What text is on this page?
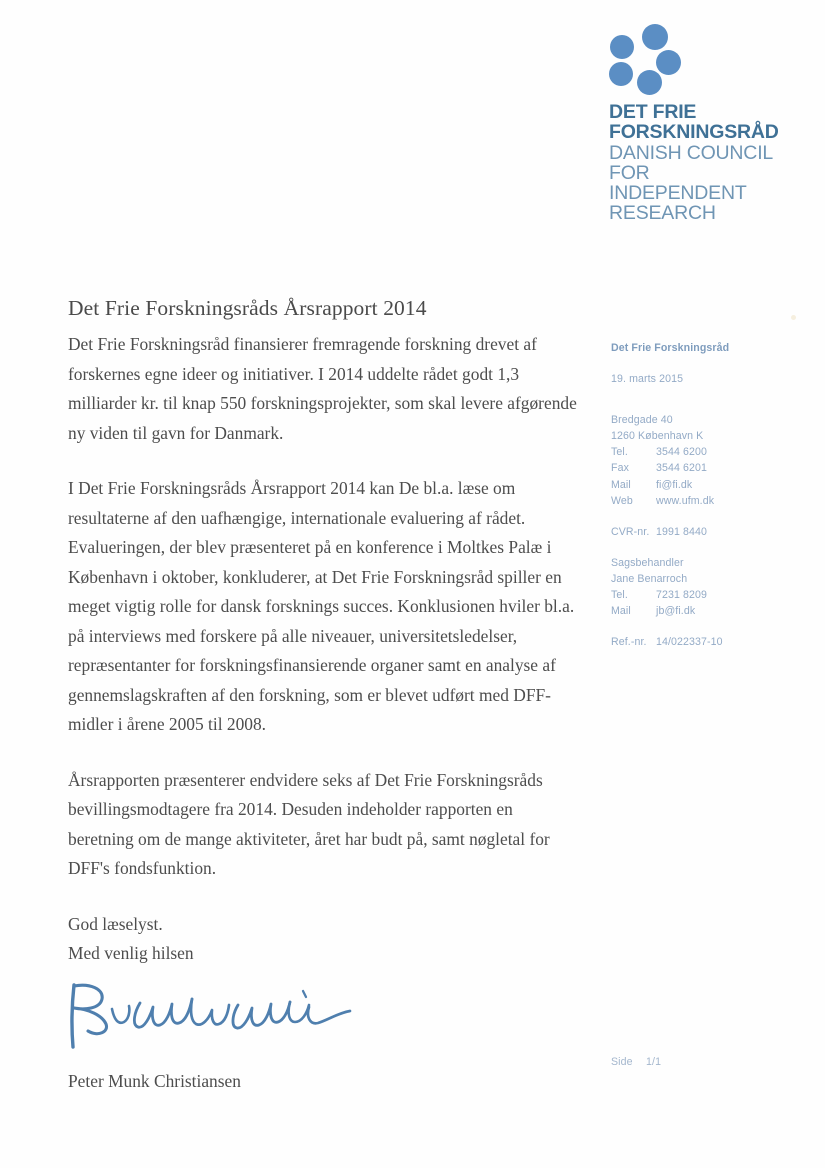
DET FRIE
FORSKNINGSRÅD
DANISH COUNCIL
FOR INDEPENDENT
RESEARCH
Det Frie Forskningsråds Årsrapport 2014

Det Frie Forskningsråd finansierer fremragende forskning drevet af forskernes egne ideer og initiativer. I 2014 uddelte rådet godt 1,3 milliarder kr. til knap 550 forskningsprojekter, som skal levere afgørende ny viden til gavn for Danmark.

I Det Frie Forskningsråds Årsrapport 2014 kan De bl.a. læse om resultaterne af den uafhængige, internationale evaluering af rådet. Evalueringen, der blev præsenteret på en konference i Moltkes Palæ i København i oktober, konkluderer, at Det Frie Forskningsråd spiller en meget vigtig rolle for dansk forsknings succes. Konklusionen hviler bl.a. på interviews med forskere på alle niveauer, universitetsledelser, repræsentanter for forskningsfinansierende organer samt en analyse af gennemslagskraften af den forskning, som er blevet udført med DFF-midler i årene 2005 til 2008.

Årsrapporten præsenterer endvidere seks af Det Frie Forskningsråds bevillingsmodtagere fra 2014. Desuden indeholder rapporten en beretning om de mange aktiviteter, året har budt på, samt nøgletal for DFF's fondsfunktion.

God læselyst.

Med venlig hilsen

Peter Munk Christiansen

Det Frie Forskningsråd
19. marts 2015
Bredgade 40
1260 København K
Tel.	3544 6200
Fax	3544 6201
Mail	fi@fi.dk
Web	www.ufm.dk
CVR-nr. 1991 8440
Sagsbehandler
Jane Benarroch
Tel.	7231 8209
Mail	jb@fi.dk
Ref.-nr. 14/022337-10
Side 1/1
